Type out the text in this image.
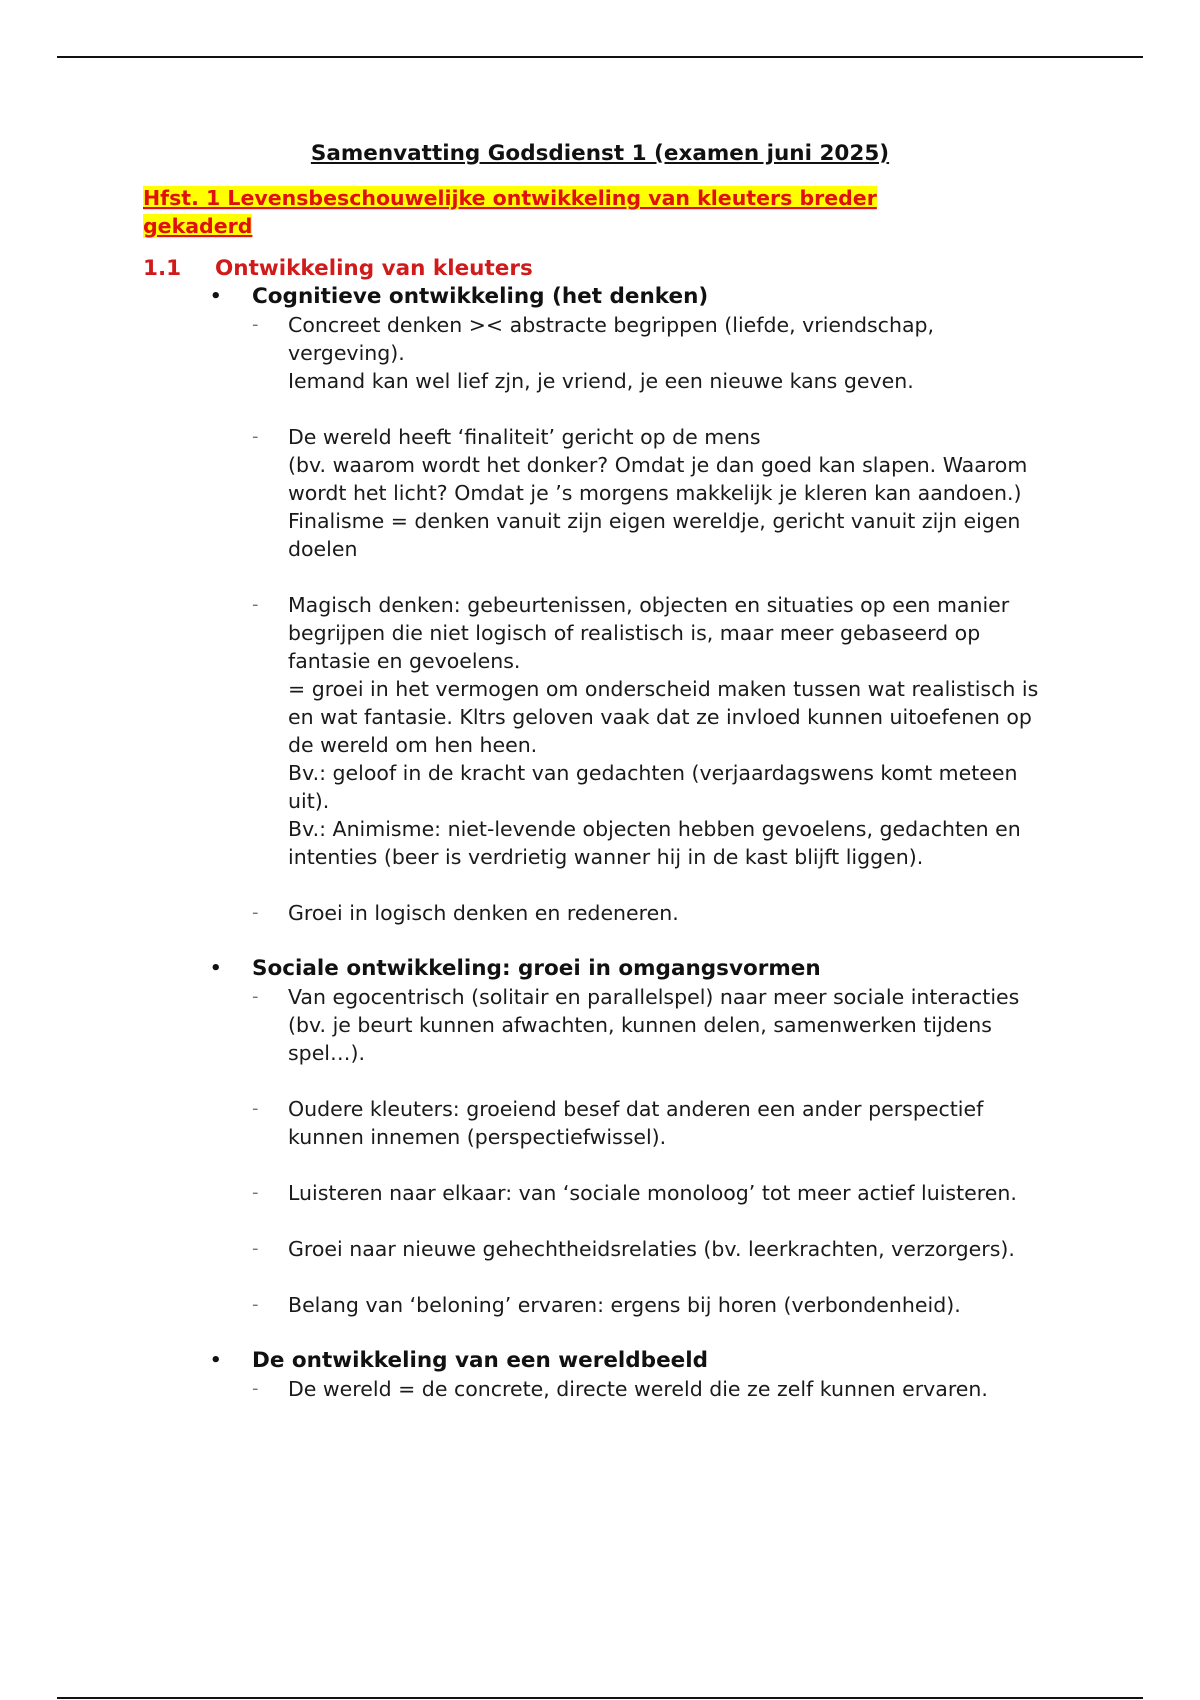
Samenvatting Godsdienst 1 (examen juni 2025)
Hfst. 1 Levensbeschouwelijke ontwikkeling van kleuters breder gekaderd
1.1 Ontwikkeling van kleuters
• Cognitieve ontwikkeling (het denken)
- Concreet denken >< abstracte begrippen (liefde, vriendschap, vergeving).

Iemand kan wel lief zjn, je vriend, je een nieuwe kans geven.

- De wereld heeft ‘finaliteit’ gericht op de mens

(bv. waarom wordt het donker? Omdat je dan goed kan slapen. Waarom wordt het licht? Omdat je ’s morgens makkelijk je kleren kan aandoen.)

Finalisme = denken vanuit zijn eigen wereldje, gericht vanuit zijn eigen doelen

- Magisch denken: gebeurtenissen, objecten en situaties op een manier begrijpen die niet logisch of realistisch is, maar meer gebaseerd op fantasie en gevoelens.

= groei in het vermogen om onderscheid maken tussen wat realistisch is en wat fantasie. Kltrs geloven vaak dat ze invloed kunnen uitoefenen op de wereld om hen heen.

Bv.: geloof in de kracht van gedachten (verjaardagswens komt meteen uit).

Bv.: Animisme: niet-levende objecten hebben gevoelens, gedachten en intenties (beer is verdrietig wanner hij in de kast blijft liggen).

- Groei in logisch denken en redeneren.

• Sociale ontwikkeling: groei in omgangsvormen
- Van egocentrisch (solitair en parallelspel) naar meer sociale interacties (bv. je beurt kunnen afwachten, kunnen delen, samenwerken tijdens spel…).

- Oudere kleuters: groeiend besef dat anderen een ander perspectief kunnen innemen (perspectiefwissel).

- Luisteren naar elkaar: van ‘sociale monoloog’ tot meer actief luisteren.

- Groei naar nieuwe gehechtheidsrelaties (bv. leerkrachten, verzorgers).

- Belang van ‘beloning’ ervaren: ergens bij horen (verbondenheid).

• De ontwikkeling van een wereldbeeld
- De wereld = de concrete, directe wereld die ze zelf kunnen ervaren.
